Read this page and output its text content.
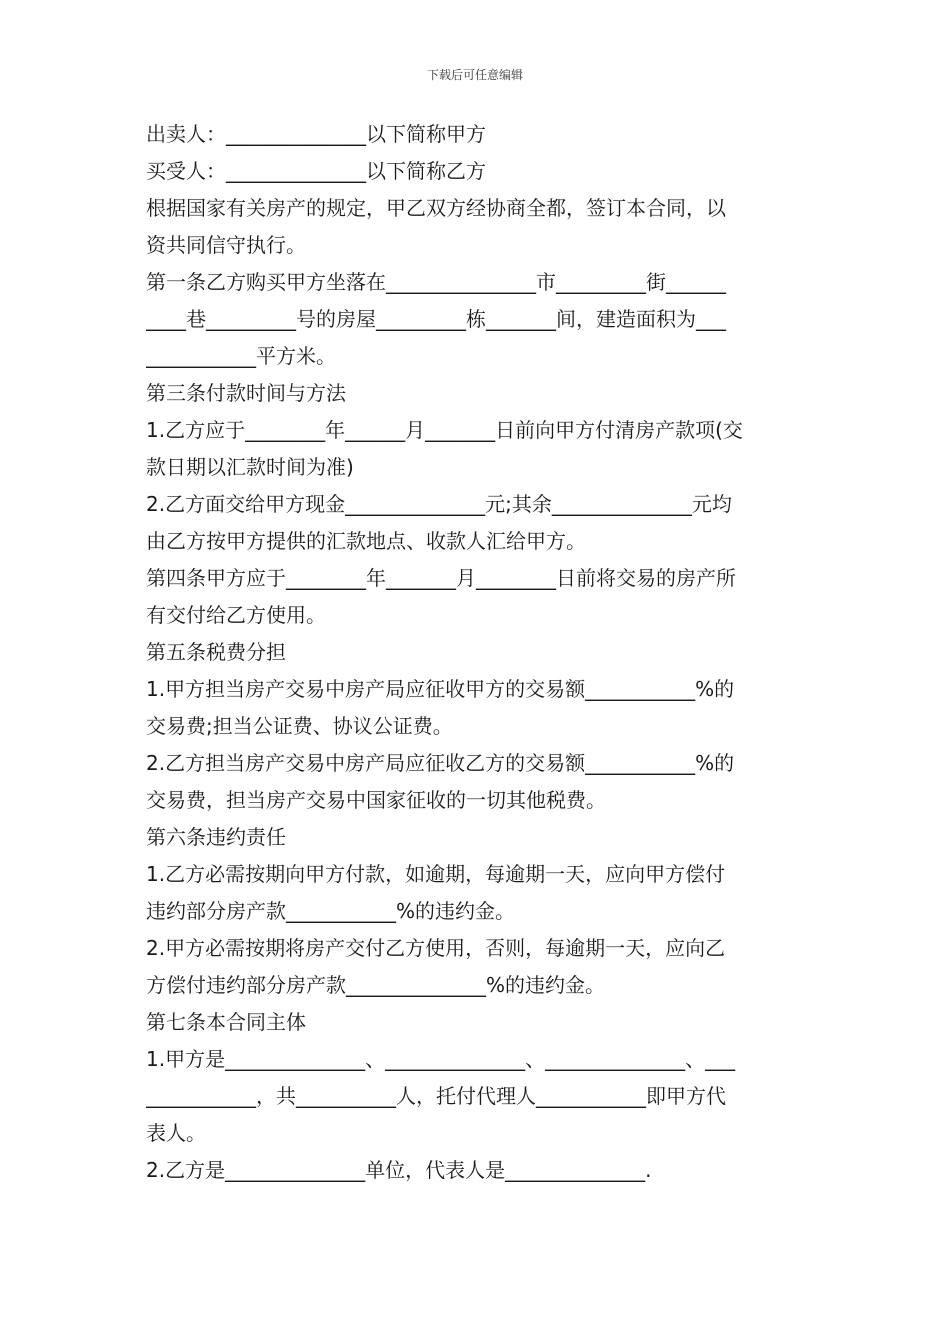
下载后可任意编辑
出卖人：______________以下简称甲方
买受人：______________以下简称乙方
根据国家有关房产的规定，甲乙双方经协商全都，签订本合同，以
资共同信守执行。
第一条乙方购买甲方坐落在_______________市_________街______
____巷_________号的房屋_________栋_______间，建造面积为___
___________平方米。
第三条付款时间与方法
1.乙方应于________年______月_______日前向甲方付清房产款项(交
款日期以汇款时间为准)
2.乙方面交给甲方现金______________元;其余______________元均
由乙方按甲方提供的汇款地点、收款人汇给甲方。
第四条甲方应于________年_______月________日前将交易的房产所
有交付给乙方使用。
第五条税费分担
1.甲方担当房产交易中房产局应征收甲方的交易额___________%的
交易费;担当公证费、协议公证费。
2.乙方担当房产交易中房产局应征收乙方的交易额___________%的
交易费，担当房产交易中国家征收的一切其他税费。
第六条违约责任
1.乙方必需按期向甲方付款，如逾期，每逾期一天，应向甲方偿付
违约部分房产款___________%的违约金。
2.甲方必需按期将房产交付乙方使用，否则，每逾期一天，应向乙
方偿付违约部分房产款______________%的违约金。
第七条本合同主体
1.甲方是______________、______________、______________、___
___________，共__________人，托付代理人___________即甲方代
表人。
2.乙方是______________单位，代表人是______________.
